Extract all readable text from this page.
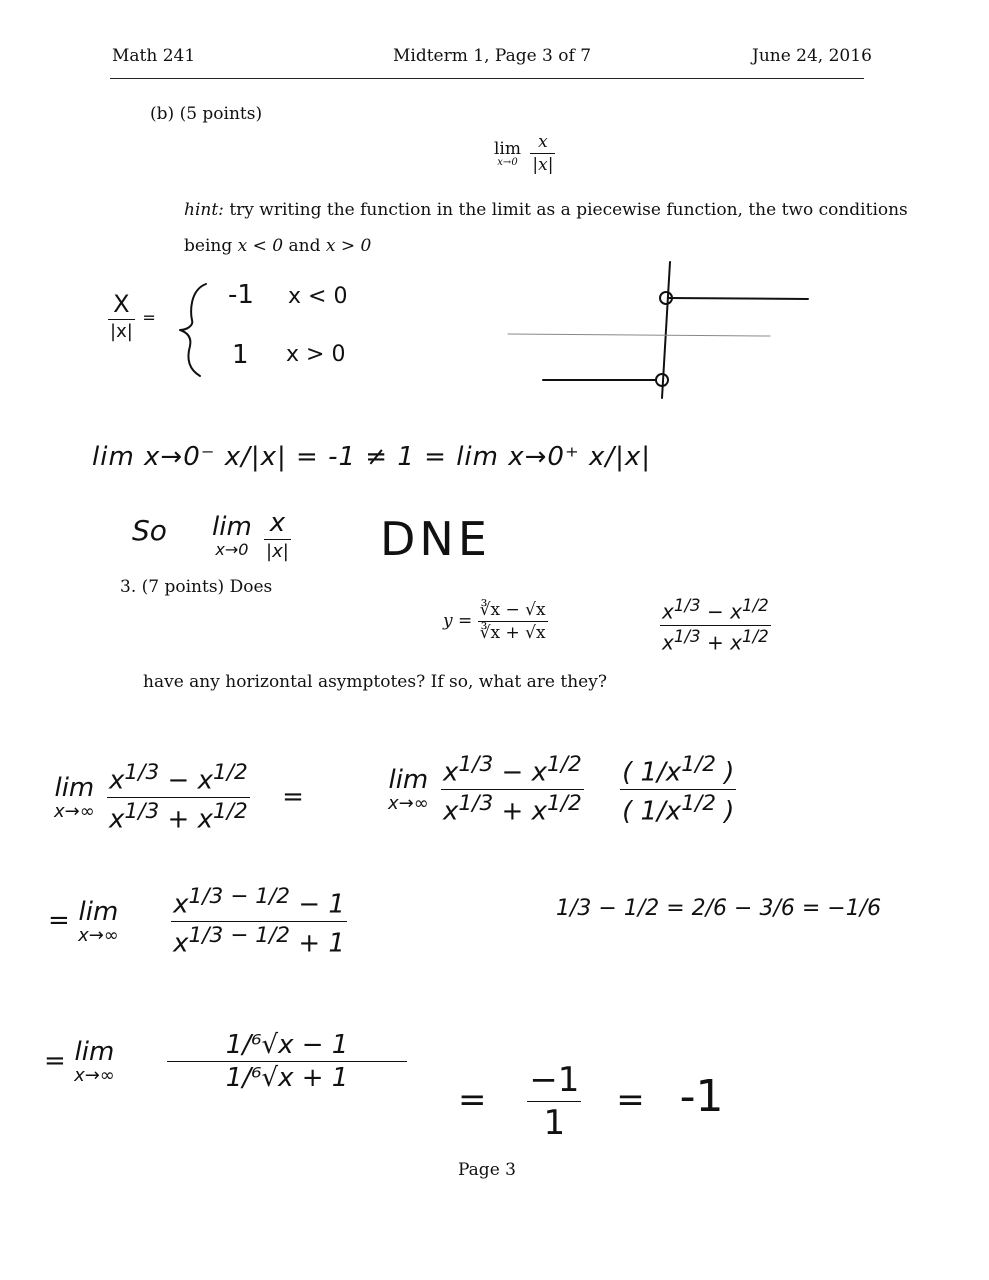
Math 241	Midterm 1, Page 3 of 7	June 24, 2016
(b) (5 points)
lim
x→0
$\frac{x}{|x|}$
hint: try writing the function in the limit as a piecewise function, the two conditions
being x < 0 and x > 0
3. (7 points) Does
$y = \frac{∛x - √x}{∛x + √x}$
have any horizontal asymptotes? If so, what are they?
$\frac{X}{|x|}$ =
-1 x < 0
1 x > 0
lim x→0⁻ x/|x| = -1 ≠ 1 = lim x→0⁺ x/|x|
So lim
x→0
$\frac{x}{|x|}$ DNE
$\frac{x^{1/3} - x^{1/2}}{x^{1/3} + x^{1/2}}$
lim
x→∞
$\frac{x^{1/3} - x^{1/2}}{x^{1/3} + x^{1/2}}$ =
lim
x→∞
$\frac{x^{1/3} - x^{1/2}}{x^{1/3} + x^{1/2}}$
$\frac{( 1/x^{1/2} )}{( 1/x^{1/2} )}$
= lim
x→∞
$\frac{x^{1/3 - 1/2} - 1}{x^{1/3 - 1/2} + 1}$	1/3 − 1/2 = 2/6 − 3/6 = −1/6
= lim
x→∞
$\frac{\text{1/⁶√x − 1}}{\text{1/⁶√x + 1}}$
= $\frac{-1}{1} = -1$
Page 3
